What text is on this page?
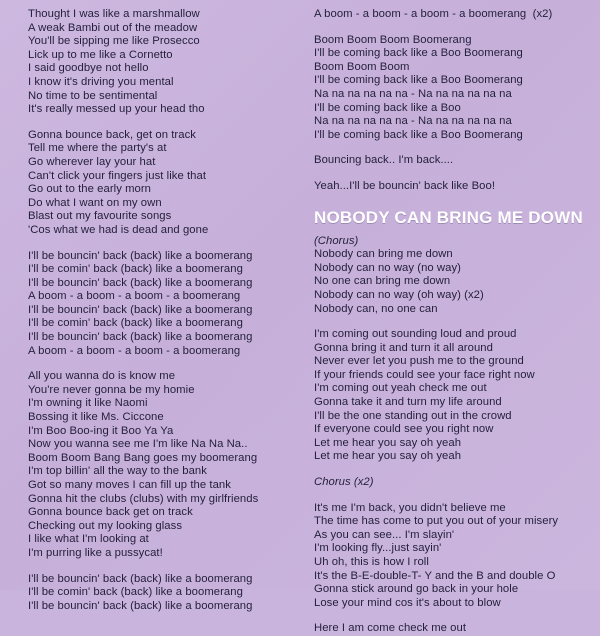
Thought I was like a marshmallow
A weak Bambi out of the meadow
You'll be sipping me like Prosecco
Lick up to me like a Cornetto
I said goodbye not hello
I know it's driving you mental
No time to be sentimental
It's really messed up your head tho
Gonna bounce back, get on track
Tell me where the party's at
Go wherever lay your hat
Can't click your fingers just like that
Go out to the early morn
Do what I want on my own
Blast out my favourite songs
'Cos what we had is dead and gone
I'll be bouncin' back (back) like a boomerang
I'll be comin' back (back) like a boomerang
I'll be bouncin' back (back) like a boomerang
A boom - a boom - a boom - a boomerang
I'll be bouncin' back (back) like a boomerang
I'll be comin' back (back) like a boomerang
I'll be bouncin' back (back) like a boomerang
A boom - a boom - a boom - a boomerang
All you wanna do is know me
You're never gonna be my homie
I'm owning it like Naomi
Bossing it like Ms. Ciccone
I'm Boo Boo-ing it Boo Ya Ya
Now you wanna see me I'm like Na Na Na..
Boom Boom Bang Bang goes my boomerang
I'm top billin' all the way to the bank
Got so many moves I can fill up the tank
Gonna hit the clubs (clubs) with my girlfriends
Gonna bounce back get on track
Checking out my looking glass
I like what I'm looking at
I'm purring like a pussycat!
I'll be bouncin' back (back) like a boomerang
I'll be comin' back (back) like a boomerang
I'll be bouncin' back (back) like a boomerang
A boom - a boom - a boom - a boomerang  (x2)
Boom Boom Boom Boomerang
I'll be coming back like a Boo Boomerang
Boom Boom Boom
I'll be coming back like a Boo Boomerang
Na na na na na na - Na na na na na na
I'll be coming back like a Boo
Na na na na na na - Na na na na na na
I'll be coming back like a Boo Boomerang
Bouncing back.. I'm back....
Yeah...I'll be bouncin' back like Boo!
NOBODY CAN BRING ME DOWN
(Chorus)
Nobody can bring me down
Nobody can no way (no way)
No one can bring me down
Nobody can no way (oh way) (x2)
Nobody can, no one can
I'm coming out sounding loud and proud
Gonna bring it and turn it all around
Never ever let you push me to the ground
If your friends could see your face right now
I'm coming out yeah check me out
Gonna take it and turn my life around
I'll be the one standing out in the crowd
If everyone could see you right now
Let me hear you say oh yeah
Let me hear you say oh yeah
Chorus (x2)
It's me I'm back, you didn't believe me
The time has come to put you out of your misery
As you can see... I'm slayin'
I'm looking fly...just sayin'
Uh oh, this is how I roll
It's the B-E-double-T- Y and the B and double O
Gonna stick around go back in your hole
Lose your mind cos it's about to blow
Here I am come check me out
